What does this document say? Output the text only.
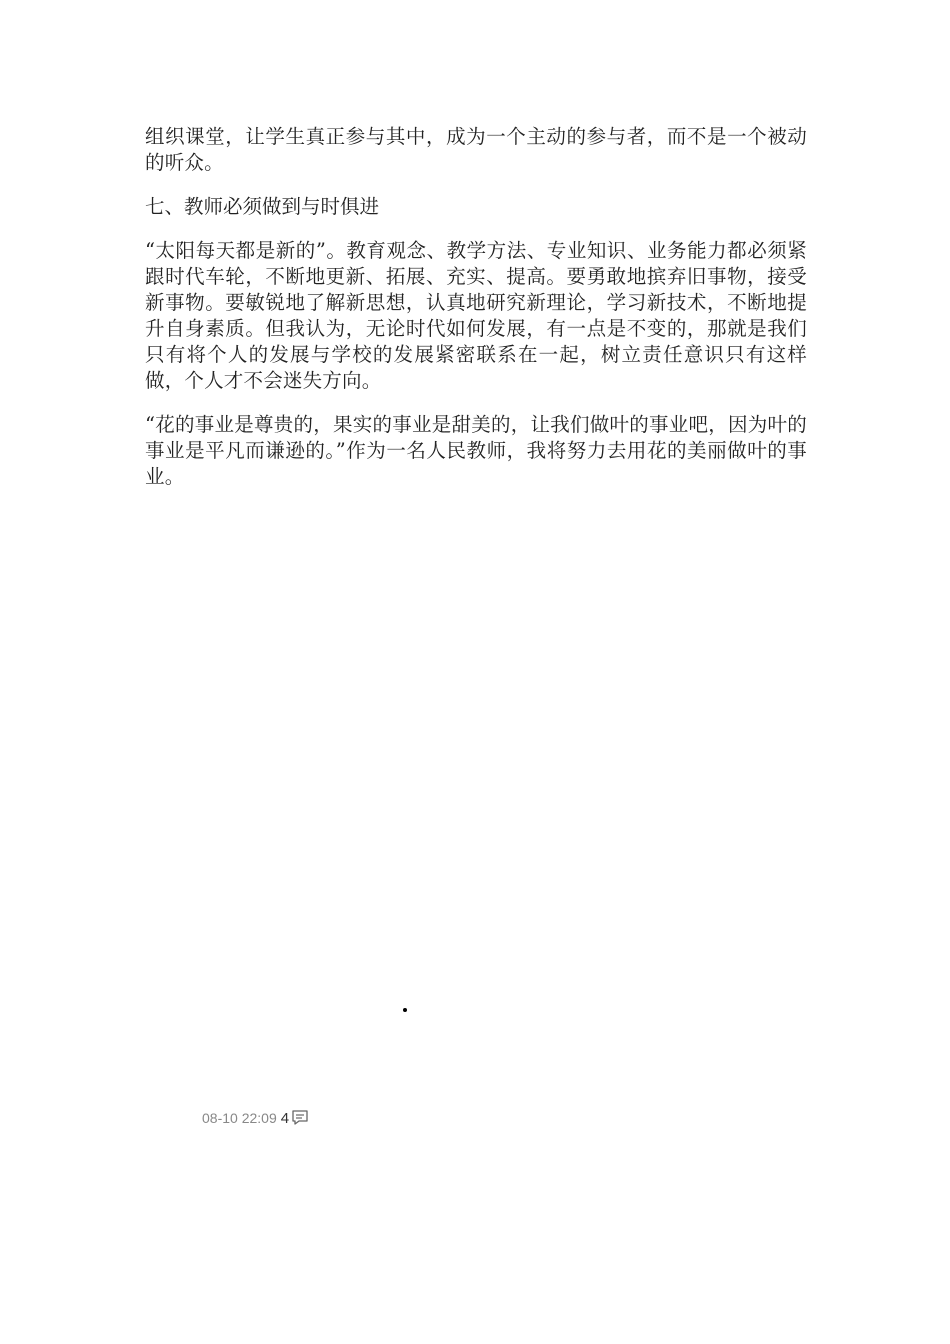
组织课堂，让学生真正参与其中，成为一个主动的参与者，而不是一个被动的听众。

七、教师必须做到与时俱进

“太阳每天都是新的”。教育观念、教学方法、专业知识、业务能力都必须紧跟时代车轮，不断地更新、拓展、充实、提高。要勇敢地摈弃旧事物，接受新事物。要敏锐地了解新思想，认真地研究新理论，学习新技术，不断地提升自身素质。但我认为，无论时代如何发展，有一点是不变的，那就是我们只有将个人的发展与学校的发展紧密联系在一起，树立责任意识只有这样做，个人才不会迷失方向。

“花的事业是尊贵的，果实的事业是甜美的，让我们做叶的事业吧，因为叶的事业是平凡而谦逊的。”作为一名人民教师，我将努力去用花的美丽做叶的事业。

08-10 22:09 4
